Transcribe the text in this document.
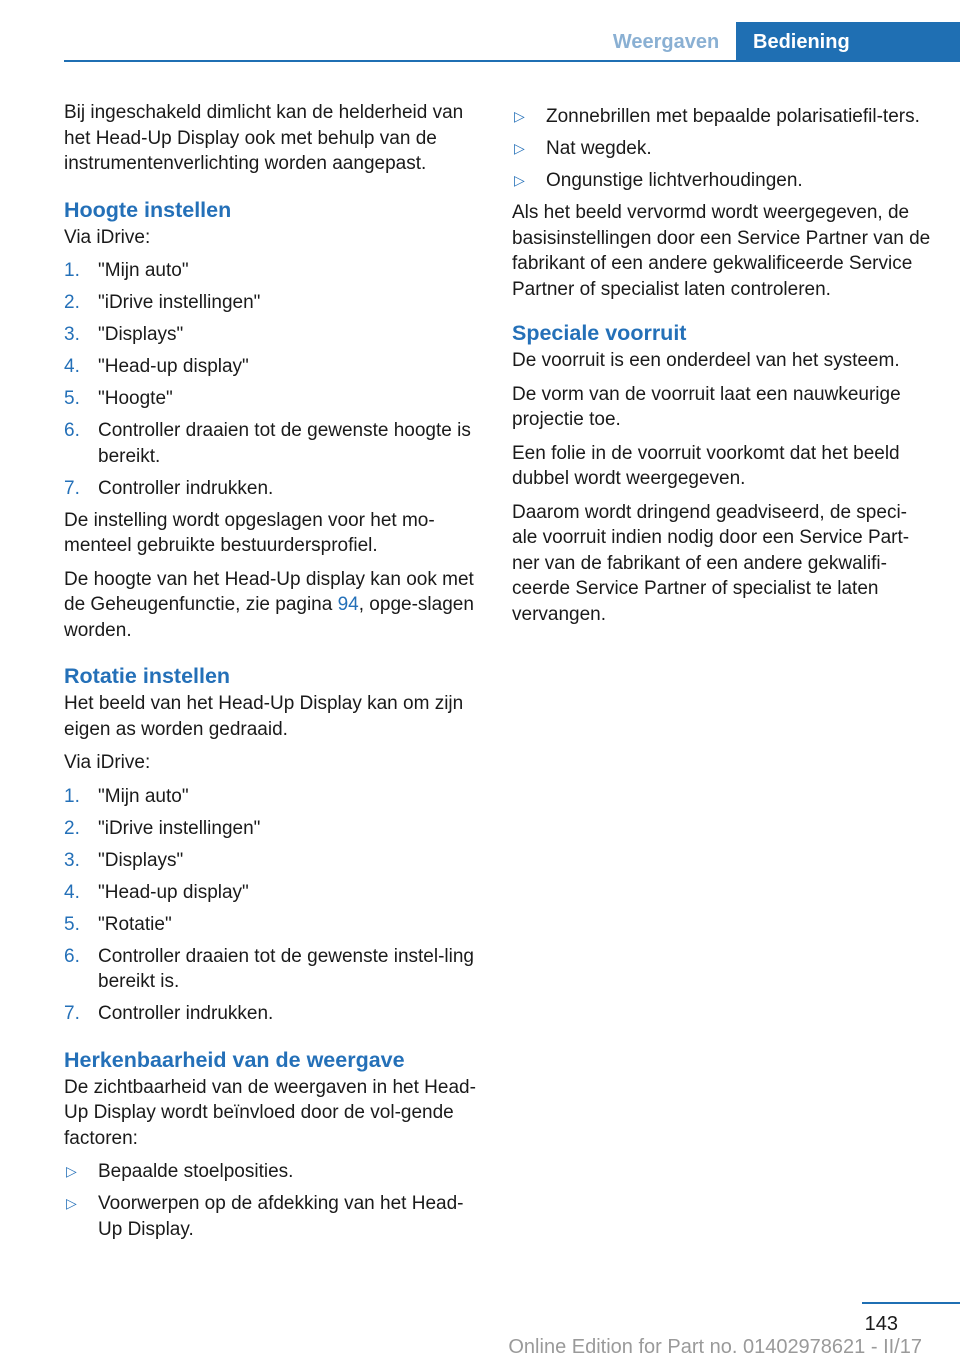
Weergaven	Bediening

Bij ingeschakeld dimlicht kan de helderheid van het Head-Up Display ook met behulp van de instrumentenverlichting worden aangepast.

Hoogte instellen

Via iDrive:

1. "Mijn auto"
2. "iDrive instellingen"
3. "Displays"
4. "Head-up display"
5. "Hoogte"
6. Controller draaien tot de gewenste hoogte is bereikt.
7. Controller indrukken.

De instelling wordt opgeslagen voor het mo‐menteel gebruikte bestuurdersprofiel.

De hoogte van het Head-Up display kan ook met de Geheugenfunctie, zie pagina 94, opge‐slagen worden.

Rotatie instellen

Het beeld van het Head-Up Display kan om zijn eigen as worden gedraaid.

Via iDrive:

1. "Mijn auto"
2. "iDrive instellingen"
3. "Displays"
4. "Head-up display"
5. "Rotatie"
6. Controller draaien tot de gewenste instel‐ling bereikt is.
7. Controller indrukken.
Herkenbaarheid van de weergave

De zichtbaarheid van de weergaven in het Head-Up Display wordt beïnvloed door de vol‐gende factoren:

▷ Bepaalde stoelposities.
▷ Voorwerpen op de afdekking van het Head-Up Display.
▷ Zonnebrillen met bepaalde polarisatiefil‐ters.
▷ Nat wegdek.
▷ Ongunstige lichtverhoudingen.

Als het beeld vervormd wordt weergegeven, de basisinstellingen door een Service Partner van de fabrikant of een andere gekwalificeerde Service Partner of specialist laten controleren.

Speciale voorruit

De voorruit is een onderdeel van het systeem.

De vorm van de voorruit laat een nauwkeurige projectie toe.

Een folie in de voorruit voorkomt dat het beeld dubbel wordt weergegeven.

Daarom wordt dringend geadviseerd, de speci‐ale voorruit indien nodig door een Service Part‐ner van de fabrikant of een andere gekwalifi‐ceerde Service Partner of specialist te laten vervangen.

143
Online Edition for Part no. 01402978621 - II/17
